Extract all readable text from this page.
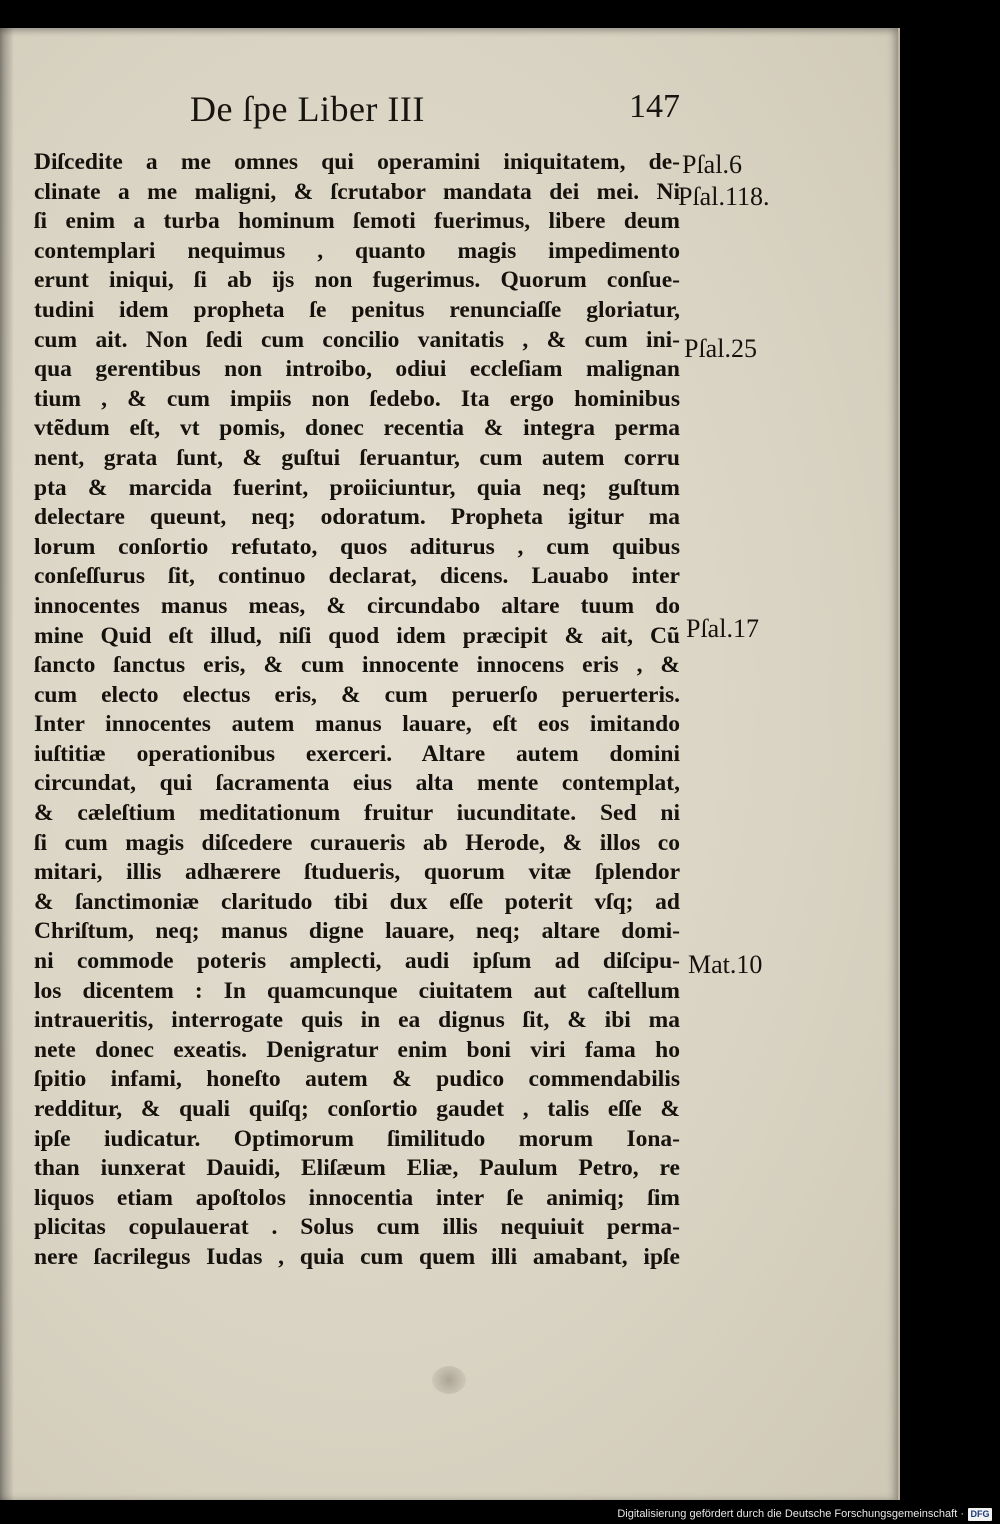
De ſpe Liber III	147
Diſcedite a me omnes qui operamini iniquitatem, de-
clinate a me maligni, & ſcrutabor mandata dei mei. Ni
ſi enim a turba hominum ſemoti fuerimus, libere deum
contemplari nequimus , quanto magis impedimento
erunt iniqui, ſi ab ĳs non fugerimus. Quorum conſue-
tudini idem propheta ſe penitus renunciaſſe gloriatur,
cum ait. Non ſedi cum concilio vanitatis , & cum ini-
qua gerentibus non introibo, odiui eccleſiam malignan
tium , & cum impiis non ſedebo. Ita ergo hominibus
vtẽdum eſt, vt pomis, donec recentia & integra perma
nent, grata ſunt, & guſtui ſeruantur, cum autem corru
pta & marcida fuerint, proiiciuntur, quia neq; guſtum
delectare queunt, neq; odoratum. Propheta igitur ma
lorum conſortio refutato, quos aditurus , cum quibus
conſeſſurus ſit, continuo declarat, dicens. Lauabo inter
innocentes manus meas, & circundabo altare tuum do
mine Quid eſt illud, niſi quod idem præcipit & ait, Cũ
ſancto ſanctus eris, & cum innocente innocens eris , &
cum electo electus eris, & cum peruerſo peruerteris.
Inter innocentes autem manus lauare, eſt eos imitando
iuſtitiæ operationibus exerceri. Altare autem domini
circundat, qui ſacramenta eius alta mente contemplat,
& cæleſtium meditationum fruitur iucunditate. Sed ni
ſi cum magis diſcedere curaueris ab Herode, & illos co
mitari, illis adhærere ſtudueris, quorum vitæ ſplendor
& ſanctimoniæ claritudo tibi dux eſſe poterit vſq; ad
Chriſtum, neq; manus digne lauare, neq; altare domi-
ni commode poteris amplecti, audi ipſum ad diſcipu-
los dicentem : In quamcunque ciuitatem aut caſtellum
intraueritis, interrogate quis in ea dignus ſit, & ibi ma
nete donec exeatis. Denigratur enim boni viri fama ho
ſpitio infami, honeſto autem & pudico commendabilis
redditur, & quali quiſq; conſortio gaudet , talis eſſe &
ipſe iudicatur. Optimorum ſimilitudo morum Iona-
than iunxerat Dauidi, Eliſæum Eliæ, Paulum Petro, re
liquos etiam apoſtolos innocentia inter ſe animiq; ſim
plicitas copulauerat . Solus cum illis nequiuit perma-
nere ſacrilegus Iudas , quia cum quem illi amabant, ipſe
Pſal.6
Pſal.118.
Pſal.25
Pſal.17
Mat.10
Digitalisierung gefördert durch die Deutsche Forschungsgemeinschaft · DFG
